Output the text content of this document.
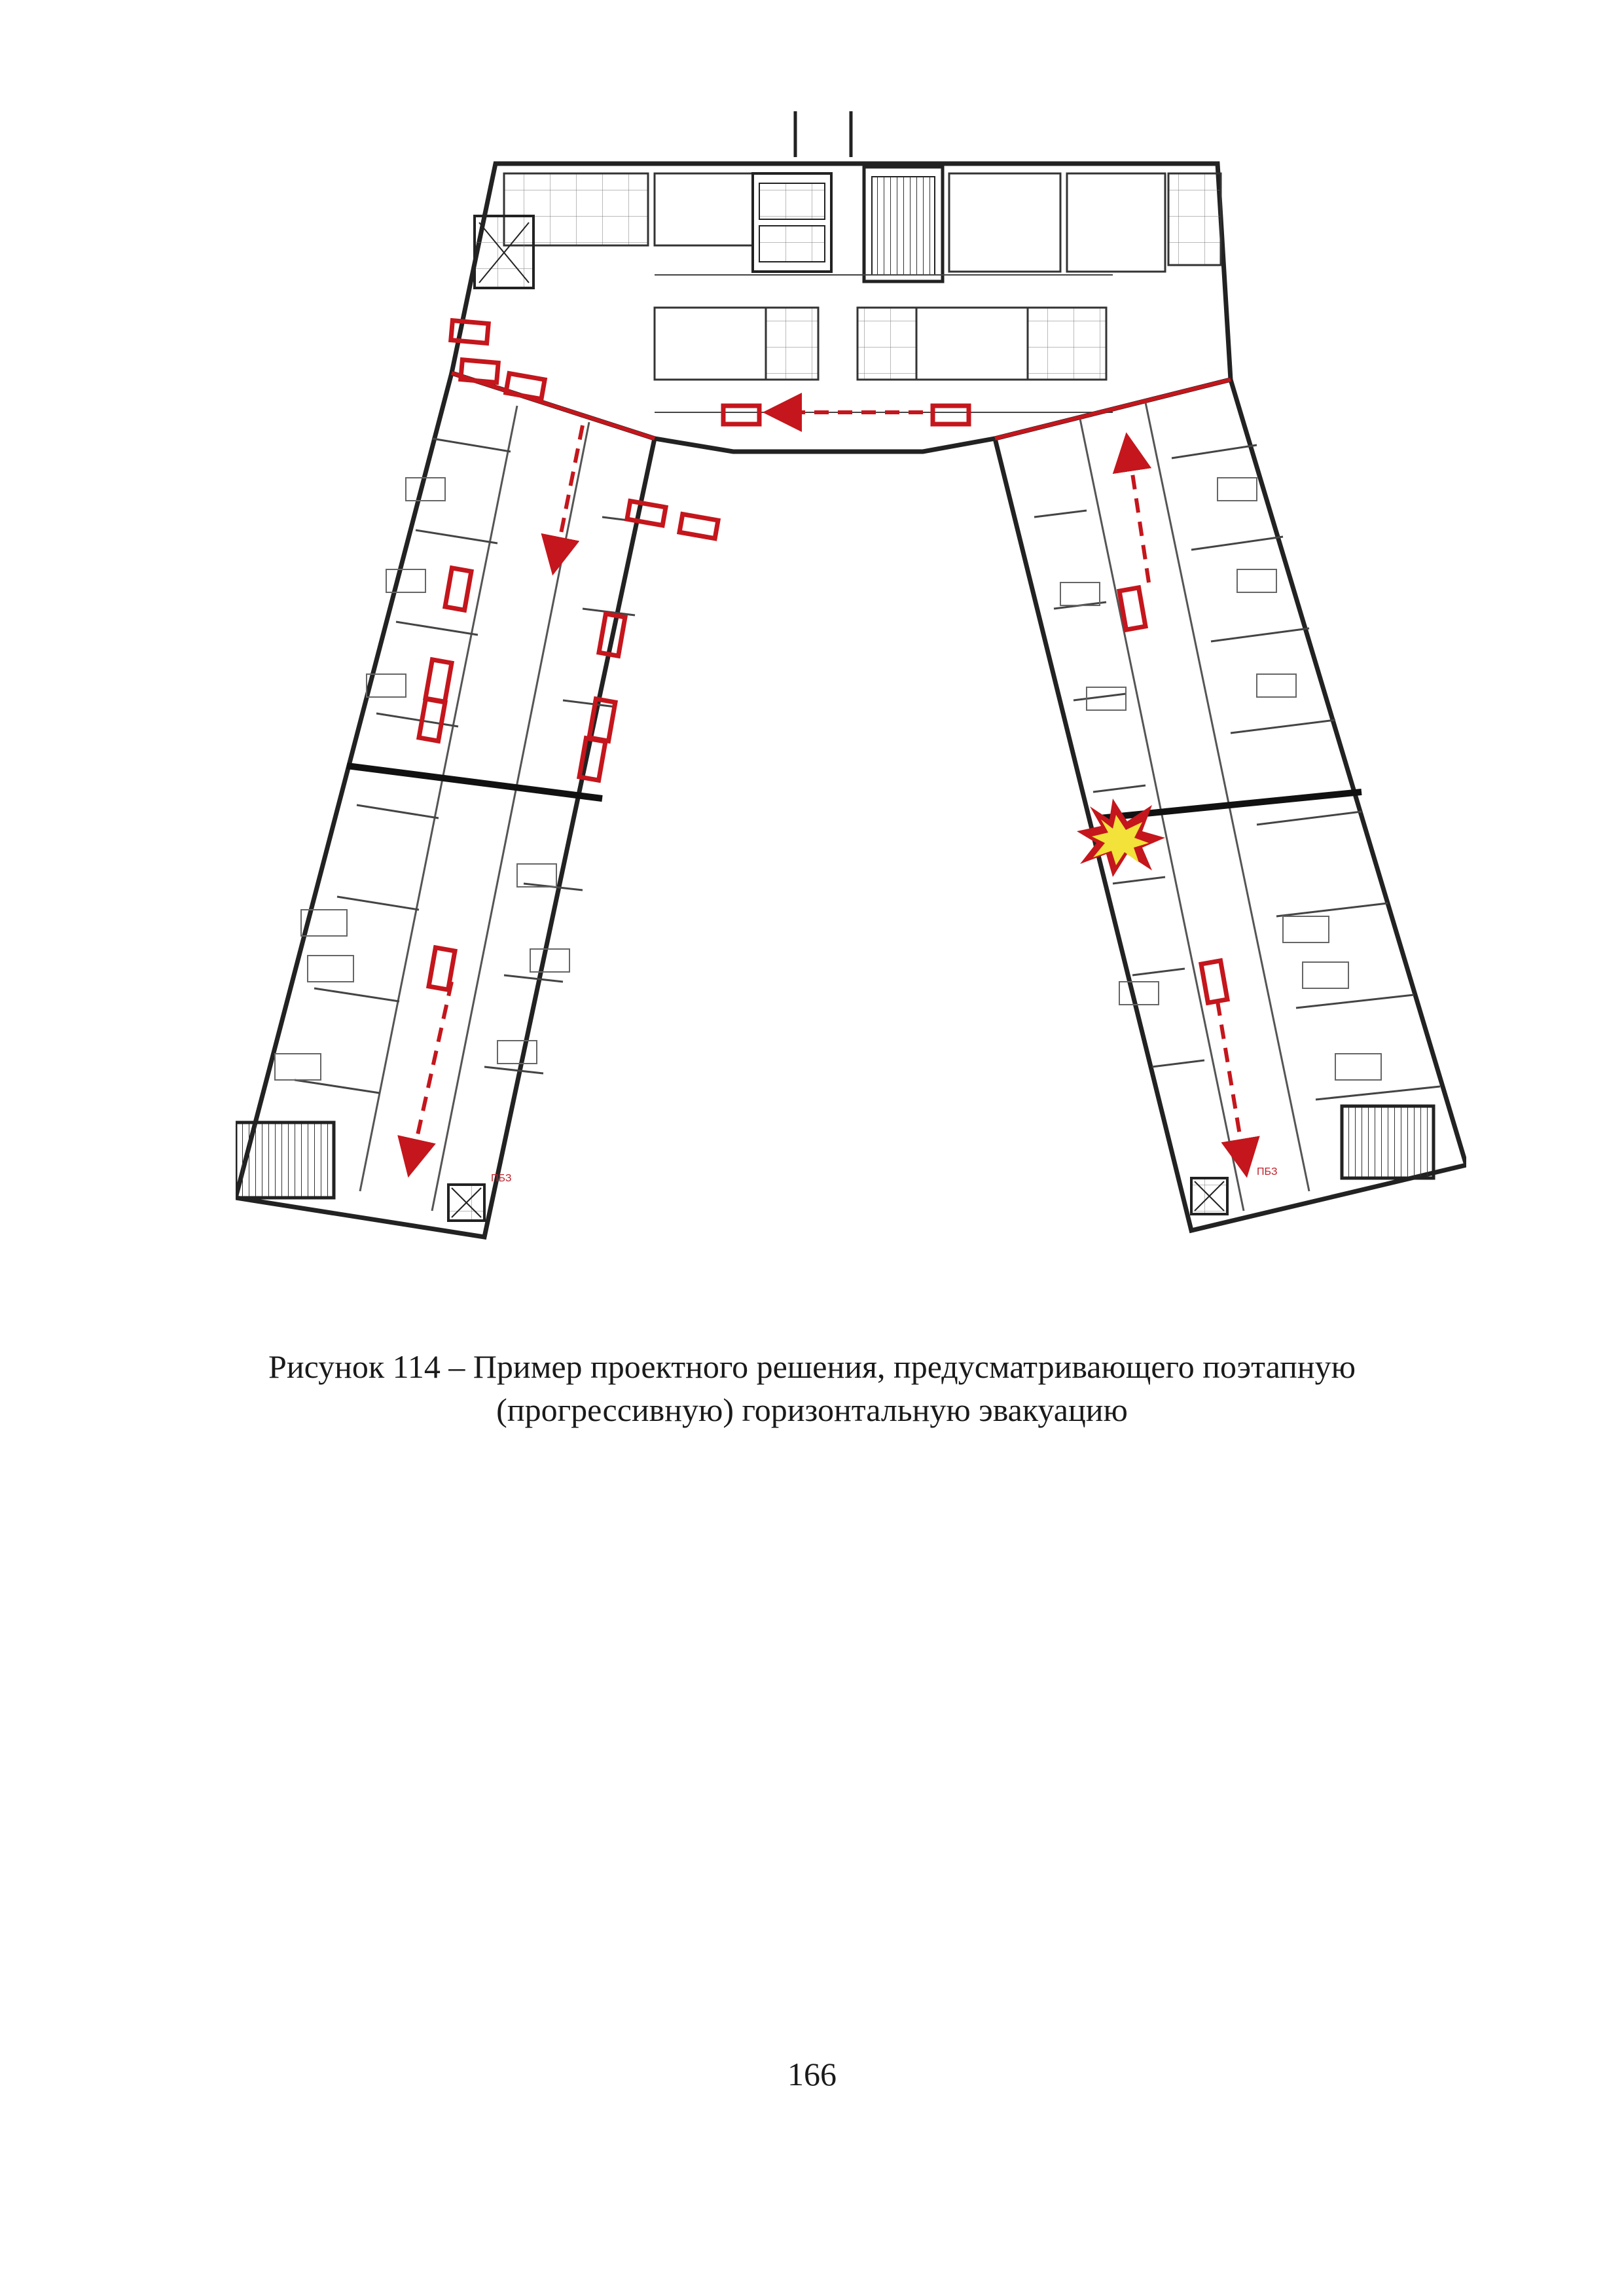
ПБЗ
ПБЗ
Рисунок 114 – Пример проектного решения, предусматривающего поэтапную
(прогрессивную) горизонтальную эвакуацию
166
